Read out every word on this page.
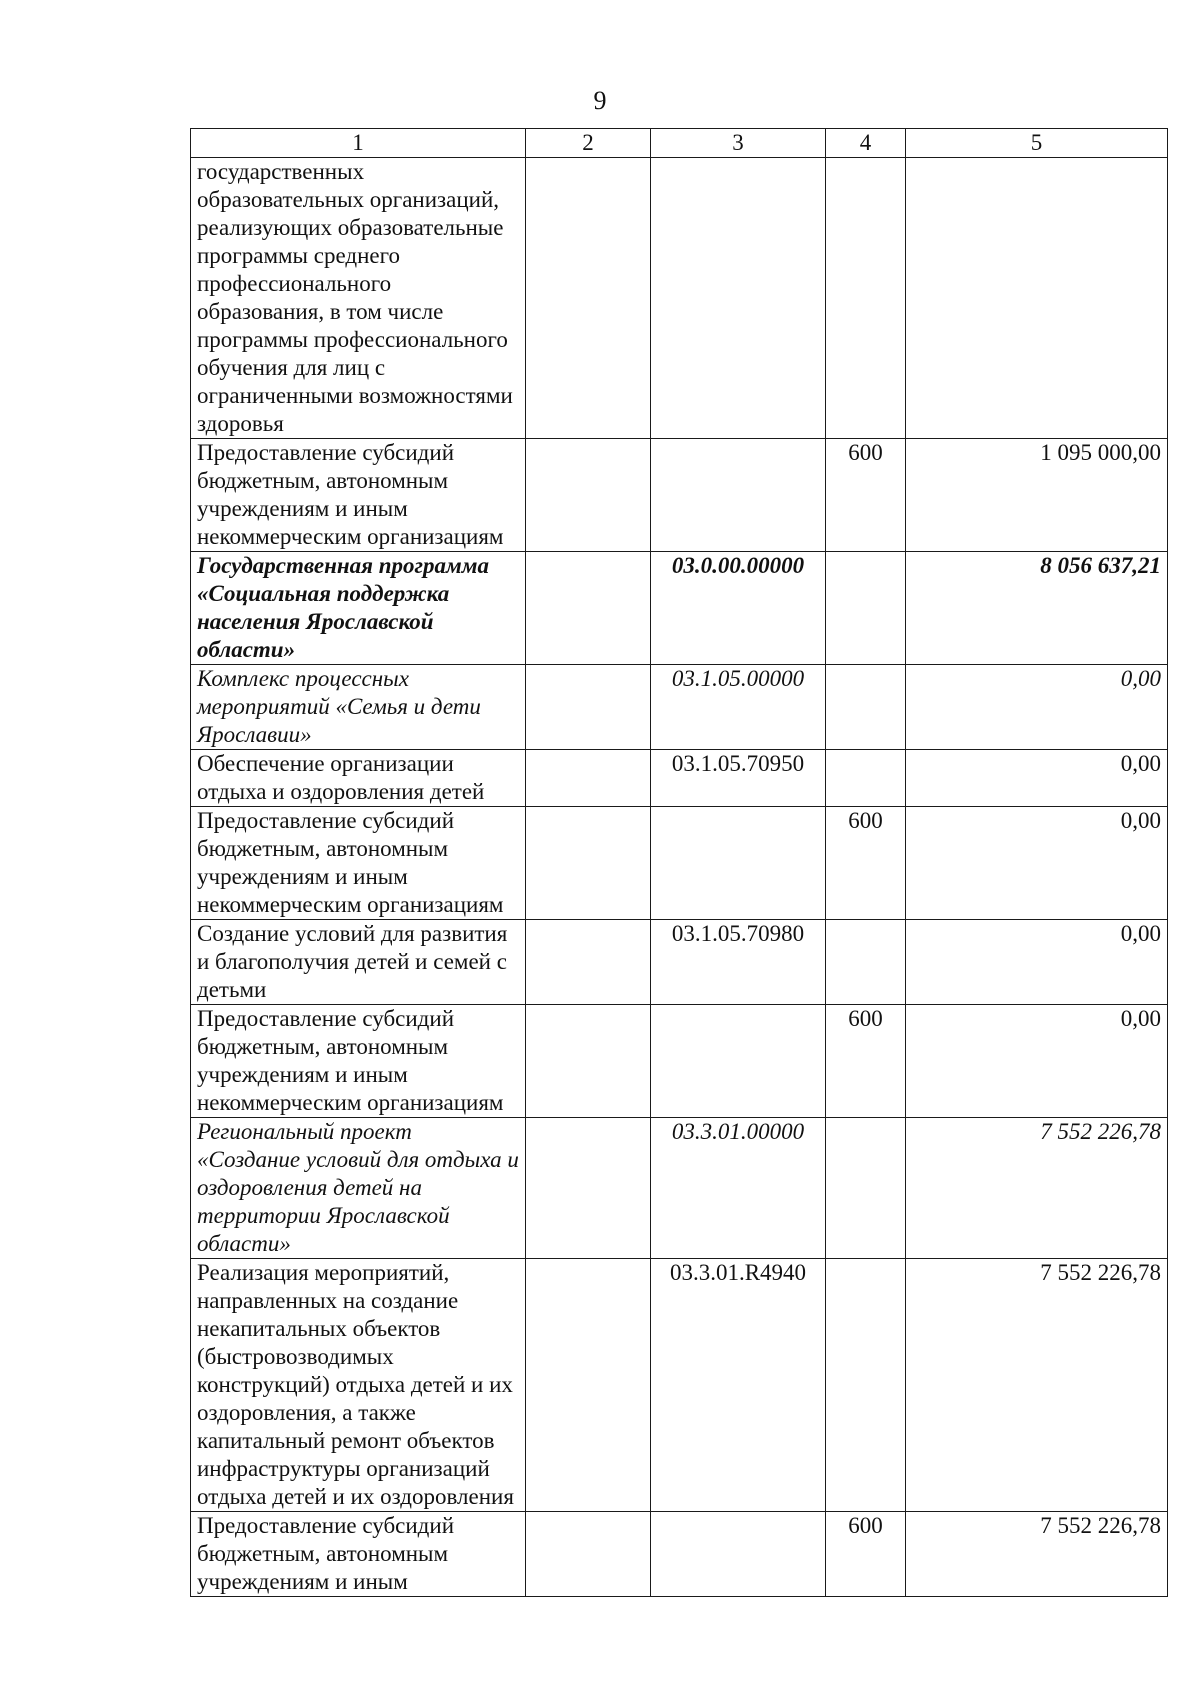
9
1	2	3	4	5
государственных образовательных организаций, реализующих образовательные программы среднего профессионального образования, в том числе программы профессионального обучения для лиц с ограниченными возможностями здоровья				
Предоставление субсидий бюджетным, автономным учреждениям и иным некоммерческим организациям			600	1 095 000,00
Государственная программа «Социальная поддержка населения Ярославской области»		03.0.00.00000		8 056 637,21
Комплекс процессных мероприятий «Семья и дети Ярославии»		03.1.05.00000		0,00
Обеспечение организации отдыха и оздоровления детей		03.1.05.70950		0,00
Предоставление субсидий бюджетным, автономным учреждениям и иным некоммерческим организациям			600	0,00
Создание условий для развития и благополучия детей и семей с детьми		03.1.05.70980		0,00
Предоставление субсидий бюджетным, автономным учреждениям и иным некоммерческим организациям			600	0,00
Региональный проект «Создание условий для отдыха и оздоровления детей на территории Ярославской области»		03.3.01.00000		7 552 226,78
Реализация мероприятий, направленных на создание некапитальных объектов (быстровозводимых конструкций) отдыха детей и их оздоровления, а также капитальный ремонт объектов инфраструктуры организаций отдыха детей и их оздоровления		03.3.01.R4940		7 552 226,78
Предоставление субсидий бюджетным, автономным учреждениям и иным			600	7 552 226,78
